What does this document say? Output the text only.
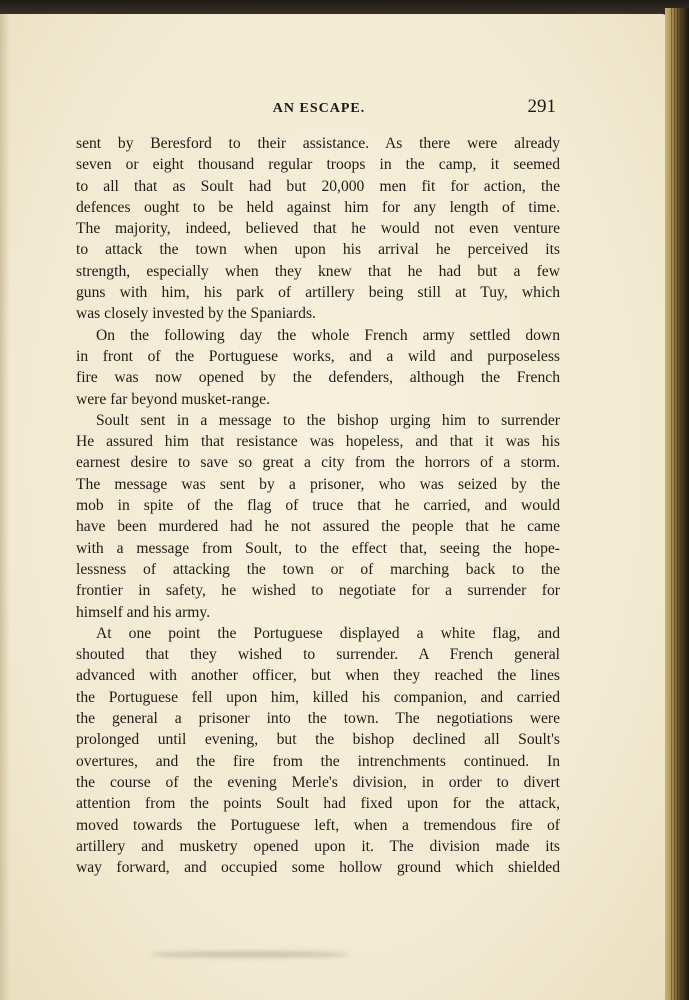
AN ESCAPE.	291
sent by Beresford to their assistance. As there were already
seven or eight thousand regular troops in the camp, it seemed
to all that as Soult had but 20,000 men fit for action, the
defences ought to be held against him for any length of time.
The majority, indeed, believed that he would not even venture
to attack the town when upon his arrival he perceived its
strength, especially when they knew that he had but a few
guns with him, his park of artillery being still at Tuy, which
was closely invested by the Spaniards.
On the following day the whole French army settled down
in front of the Portuguese works, and a wild and purposeless
fire was now opened by the defenders, although the French
were far beyond musket-range.
Soult sent in a message to the bishop urging him to surrender
He assured him that resistance was hopeless, and that it was his
earnest desire to save so great a city from the horrors of a storm.
The message was sent by a prisoner, who was seized by the
mob in spite of the flag of truce that he carried, and would
have been murdered had he not assured the people that he came
with a message from Soult, to the effect that, seeing the hope-
lessness of attacking the town or of marching back to the
frontier in safety, he wished to negotiate for a surrender for
himself and his army.
At one point the Portuguese displayed a white flag, and
shouted that they wished to surrender. A French general
advanced with another officer, but when they reached the lines
the Portuguese fell upon him, killed his companion, and carried
the general a prisoner into the town. The negotiations were
prolonged until evening, but the bishop declined all Soult's
overtures, and the fire from the intrenchments continued. In
the course of the evening Merle's division, in order to divert
attention from the points Soult had fixed upon for the attack,
moved towards the Portuguese left, when a tremendous fire of
artillery and musketry opened upon it. The division made its
way forward, and occupied some hollow ground which shielded
